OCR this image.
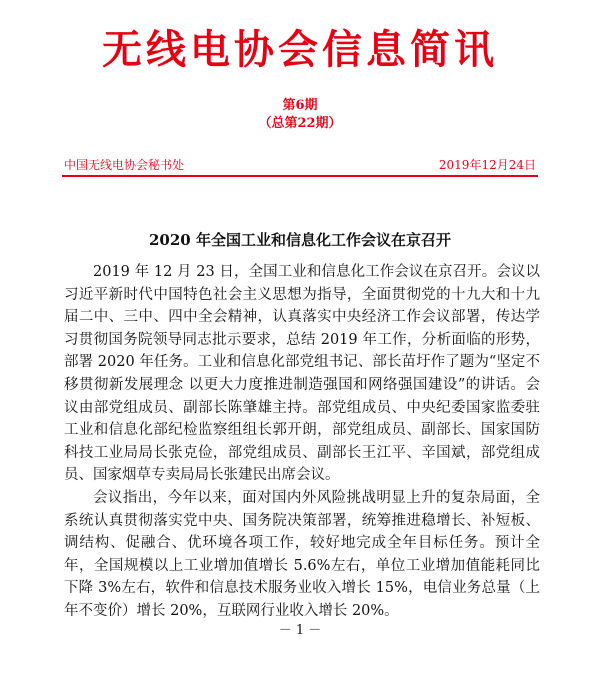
无线电协会信息简讯
第6期
（总第22期）
中国无线电协会秘书处	2019年12月24日
2020 年全国工业和信息化工作会议在京召开

2019 年 12 月 23 日，全国工业和信息化工作会议在京召开。会议以习近平新时代中国特色社会主义思想为指导，全面贯彻党的十九大和十九届二中、三中、四中全会精神，认真落实中央经济工作会议部署，传达学习贯彻国务院领导同志批示要求，总结 2019 年工作，分析面临的形势，部署 2020 年任务。工业和信息化部党组书记、部长苗圩作了题为“坚定不移贯彻新发展理念 以更大力度推进制造强国和网络强国建设”的讲话。会议由部党组成员、副部长陈肇雄主持。部党组成员、中央纪委国家监委驻工业和信息化部纪检监察组组长郭开朗，部党组成员、副部长、国家国防科技工业局局长张克俭，部党组成员、副部长王江平、辛国斌，部党组成员、国家烟草专卖局局长张建民出席会议。

会议指出，今年以来，面对国内外风险挑战明显上升的复杂局面，全系统认真贯彻落实党中央、国务院决策部署，统筹推进稳增长、补短板、调结构、促融合、优环境各项工作，较好地完成全年目标任务。预计全年，全国规模以上工业增加值增长 5.6%左右，单位工业增加值能耗同比下降 3%左右，软件和信息技术服务业收入增长 15%，电信业务总量（上年不变价）增长 20%，互联网行业收入增长 20%。

－ 1 －
